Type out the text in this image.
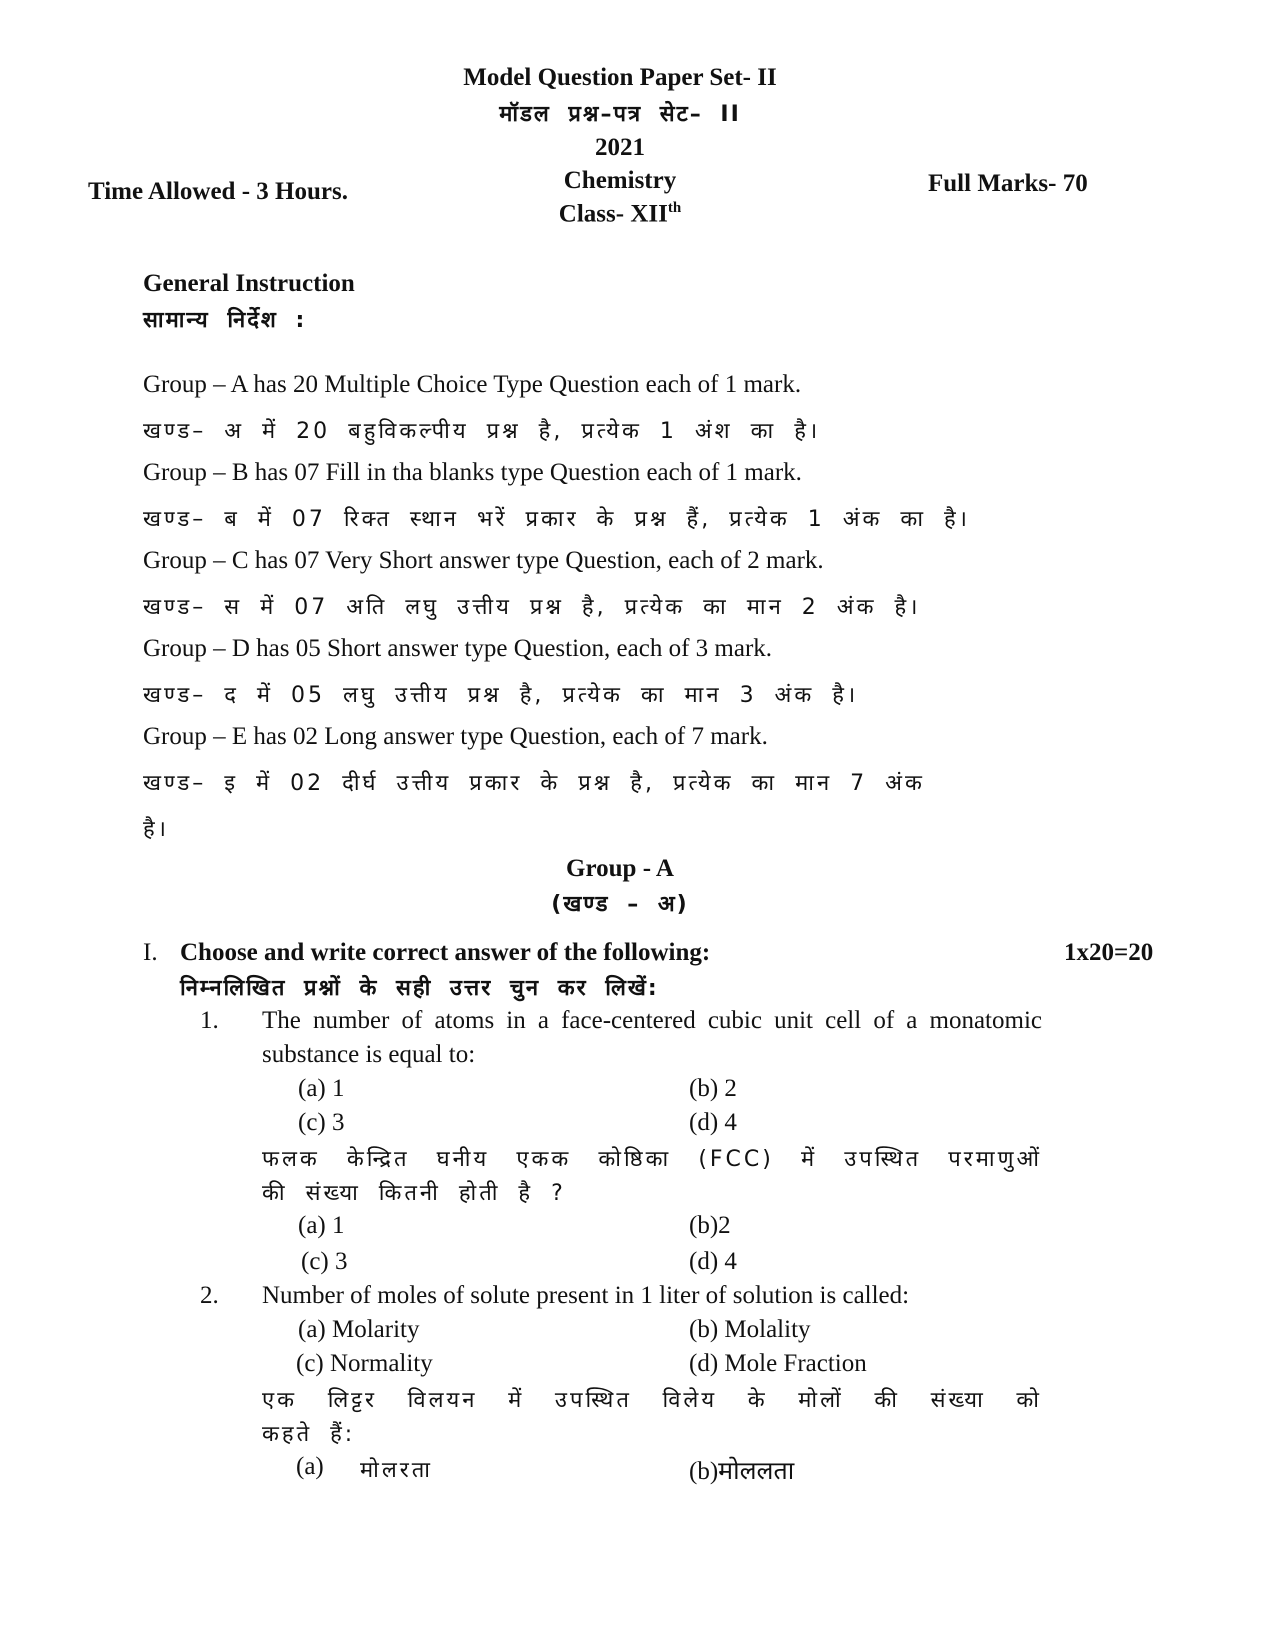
Model Question Paper Set- II
मॉडल प्रश्न–पत्र सेट– II
2021
Chemistry
Time Allowed - 3 Hours.	Full Marks- 70
Class- XIIth
General Instruction
सामान्य निर्देश :
Group – A has 20 Multiple Choice Type Question each of 1 mark.
खण्ड– अ में 20 बहुविकल्पीय प्रश्न है, प्रत्येक 1 अंश का है।
Group – B has 07 Fill in tha blanks type Question each of 1 mark.
खण्ड– ब में 07 रिक्त स्थान भरें प्रकार के प्रश्न हैं, प्रत्येक 1 अंक का है।
Group – C has 07 Very Short answer type Question, each of 2 mark.
खण्ड– स में 07 अति लघु उत्तीय प्रश्न है, प्रत्येक का मान 2 अंक है।
Group – D has 05 Short answer type Question, each of 3 mark.
खण्ड– द में 05 लघु उत्तीय प्रश्न है, प्रत्येक का मान 3 अंक है।
Group – E has 02 Long answer type Question, each of 7 mark.
खण्ड– इ में 02 दीर्घ उत्तीय प्रकार के प्रश्न है, प्रत्येक का मान 7 अंक
है।
Group - A
(खण्ड – अ)
I. Choose and write correct answer of the following:	1x20=20
निम्नलिखित प्रश्नों के सही उत्तर चुन कर लिखें:
1. The number of atoms in a face-centered cubic unit cell of a monatomic
substance is equal to:
(a) 1	(b) 2
(c) 3	(d) 4
फलक केन्द्रित घनीय एकक कोष्ठिका (FCC) में उपस्थित परमाणुओं
की संख्या कितनी होती है ?
(a) 1	(b)2
(c) 3	(d) 4
2. Number of moles of solute present in 1 liter of solution is called:
(a) Molarity	(b) Molality
(c) Normality	(d) Mole Fraction
एक लिट्टर विलयन में उपस्थित विलेय के मोलों की संख्या को
कहते हैं:
(a) मोलरता	(b)मोललता
